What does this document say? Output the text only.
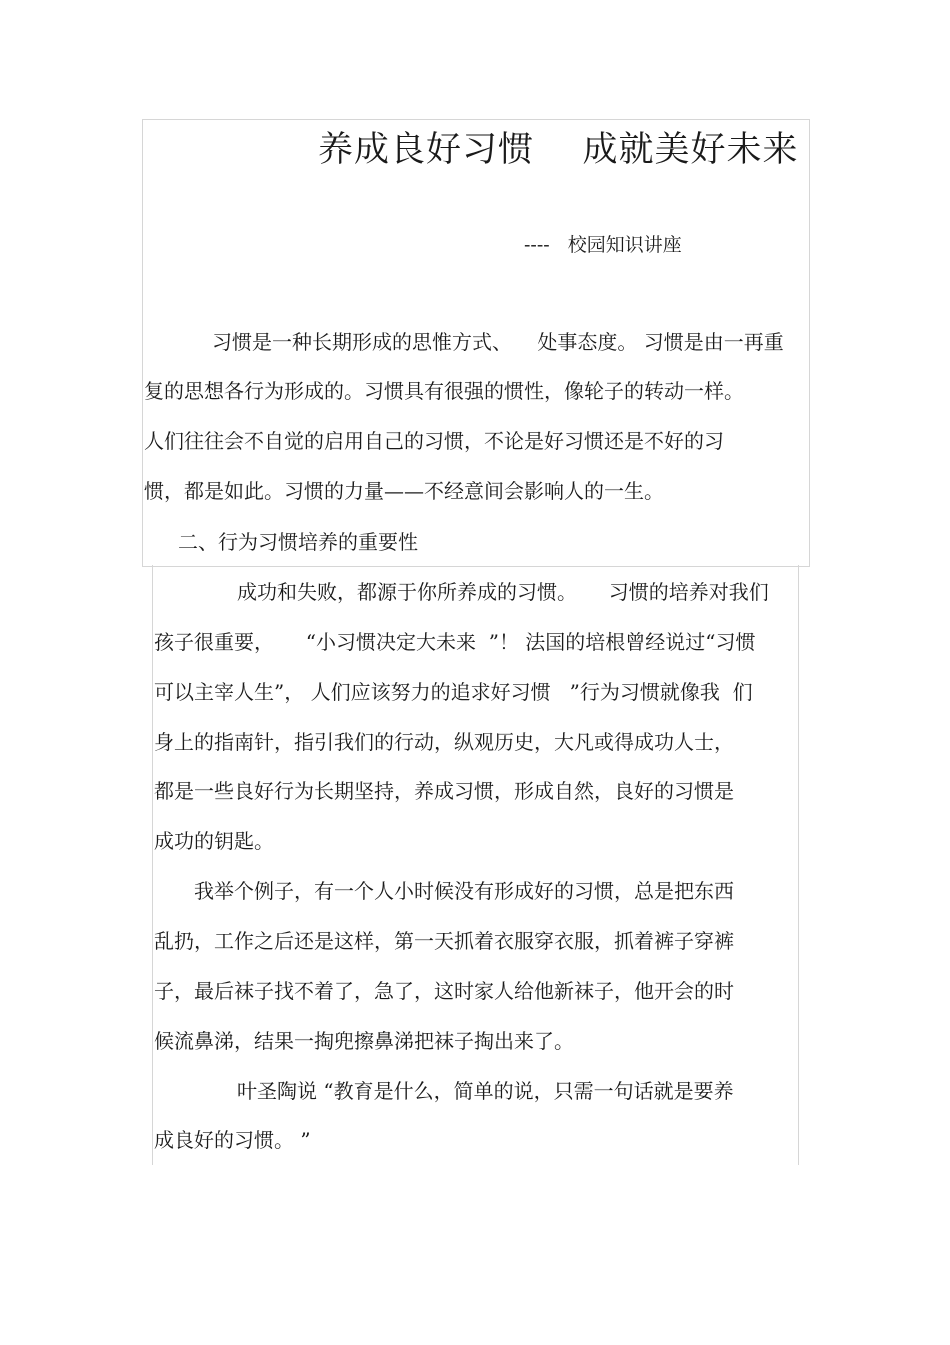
养成良好习惯    成就美好未来
----   校园知识讲座
习惯是一种长期形成的思惟方式、    处事态度。 习惯是由一再重
复的思想各行为形成的。习惯具有很强的惯性，像轮子的转动一样。
人们往往会不自觉的启用自己的习惯，不论是好习惯还是不好的习
惯，都是如此。习惯的力量——不经意间会影响人的一生。
二、行为习惯培养的重要性
成功和失败，都源于你所养成的习惯。     习惯的培养对我们
孩子很重要，     “小习惯决定大未来  ”！ 法国的培根曾经说过“习惯
可以主宰人生”， 人们应该努力的追求好习惯   ”行为习惯就像我  们
身上的指南针，指引我们的行动，纵观历史，大凡或得成功人士，
都是一些良好行为长期坚持，养成习惯，形成自然，良好的习惯是
成功的钥匙。
我举个例子，有一个人小时候没有形成好的习惯，总是把东西
乱扔，工作之后还是这样，第一天抓着衣服穿衣服，抓着裤子穿裤
子，最后袜子找不着了，急了，这时家人给他新袜子，他开会的时
候流鼻涕，结果一掏兜擦鼻涕把袜子掏出来了。
叶圣陶说 “教育是什么，简单的说，只需一句话就是要养
成良好的习惯。 ”
